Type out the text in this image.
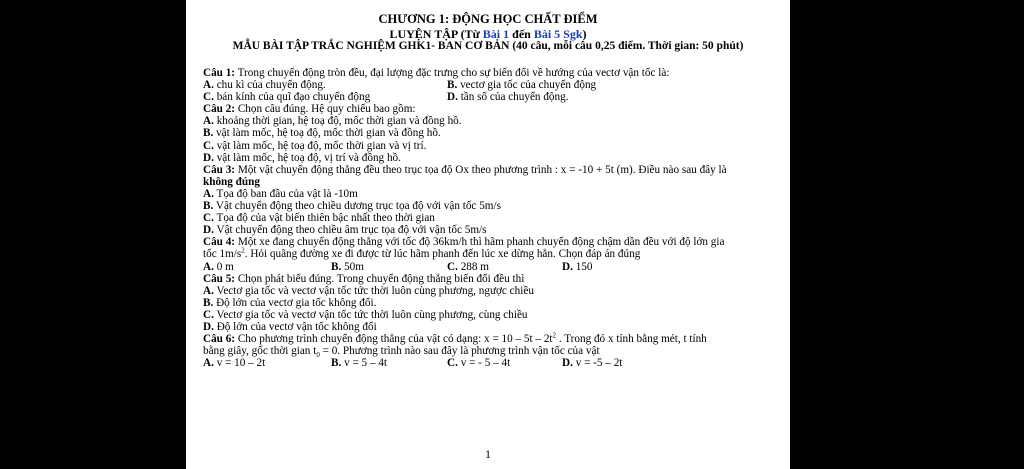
CHƯƠNG 1: ĐỘNG HỌC CHẤT ĐIỂM
LUYỆN TẬP (Từ Bài 1 đến Bài 5 Sgk)
MẪU BÀI TẬP TRẮC NGHIỆM GHK1- BAN CƠ BẢN (40 câu, mỗi câu 0,25 điểm. Thời gian: 50 phút)
Câu 1: Trong chuyển động tròn đều, đại lượng đặc trưng cho sự biến đổi về hướng của vectơ vận tốc là:
A. chu kì của chuyển động.	B. vectơ gia tốc của chuyển động
C. bán kính của quĩ đạo chuyển động	D. tần số của chuyển động.
Câu 2: Chọn câu đúng. Hệ quy chiếu bao gồm:
A. khoảng thời gian, hệ toạ độ, mốc thời gian và đồng hồ.
B. vật làm mốc, hệ toạ độ, mốc thời gian và đồng hồ.
C. vật làm mốc, hệ toạ độ, mốc thời gian và vị trí.
D. vật làm mốc, hệ toạ độ, vị trí và đồng hồ.
Câu 3: Một vật chuyển động thẳng đều theo trục tọa độ Ox theo phương trình : x = -10 + 5t (m). Điều nào sau đây là
không đúng
A. Tọa độ ban đầu của vật là -10m
B. Vật chuyển động theo chiều dương trục tọa độ với vận tốc 5m/s
C. Tọa độ của vật biến thiên bậc nhất theo thời gian
D. Vật chuyển động theo chiều âm trục tọa độ với vận tốc 5m/s
Câu 4: Một xe đang chuyển động thẳng với tốc độ 36km/h thì hãm phanh chuyển động chậm dần đều với độ lớn gia
tốc $1m/s^2$. Hỏi quãng đường xe đi được từ lúc hãm phanh đến lúc xe dừng hẳn. Chọn đáp án đúng
A. 0 m	B. 50m	C. 288 m	D. 150
Câu 5: Chọn phát biểu đúng. Trong chuyển động thẳng biến đổi đều thì
A. Vectơ gia tốc và vectơ vận tốc tức thời luôn cùng phương, ngược chiều
B. Độ lớn của vectơ gia tốc không đổi.
C. Vectơ gia tốc và vectơ vận tốc tức thời luôn cùng phương, cùng chiều
D. Độ lớn của vectơ vận tốc không đổi
Câu 6: Cho phương trình chuyển động thẳng của vật có dạng: $x = 10 - 5t - 2t^2$ . Trong đó x tính bằng mét, t tính
bằng giây, gốc thời gian $t_0 = 0$. Phương trình nào sau đây là phương trình vận tốc của vật
A. v = 10 – 2t	B. v = 5 – 4t	C. v = - 5 – 4t	D. v = -5 – 2t
1
